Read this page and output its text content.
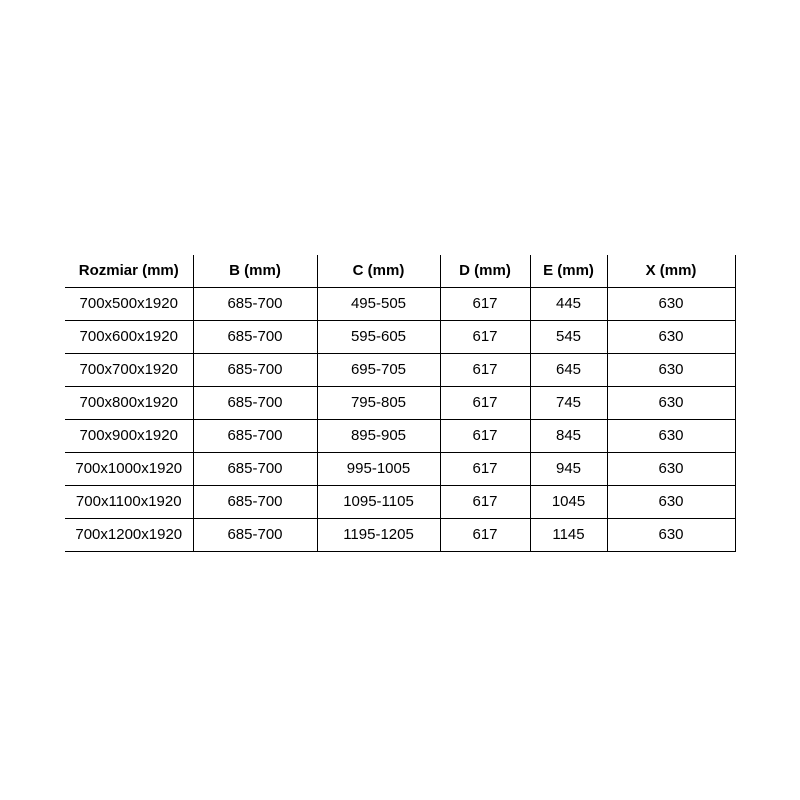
Rozmiar (mm)	B (mm)	C (mm)	D (mm)	E (mm)	X (mm)
700x500x1920	685-700	495-505	617	445	630
700x600x1920	685-700	595-605	617	545	630
700x700x1920	685-700	695-705	617	645	630
700x800x1920	685-700	795-805	617	745	630
700x900x1920	685-700	895-905	617	845	630
700x1000x1920	685-700	995-1005	617	945	630
700x1100x1920	685-700	1095-1105	617	1045	630
700x1200x1920	685-700	1195-1205	617	1145	630
